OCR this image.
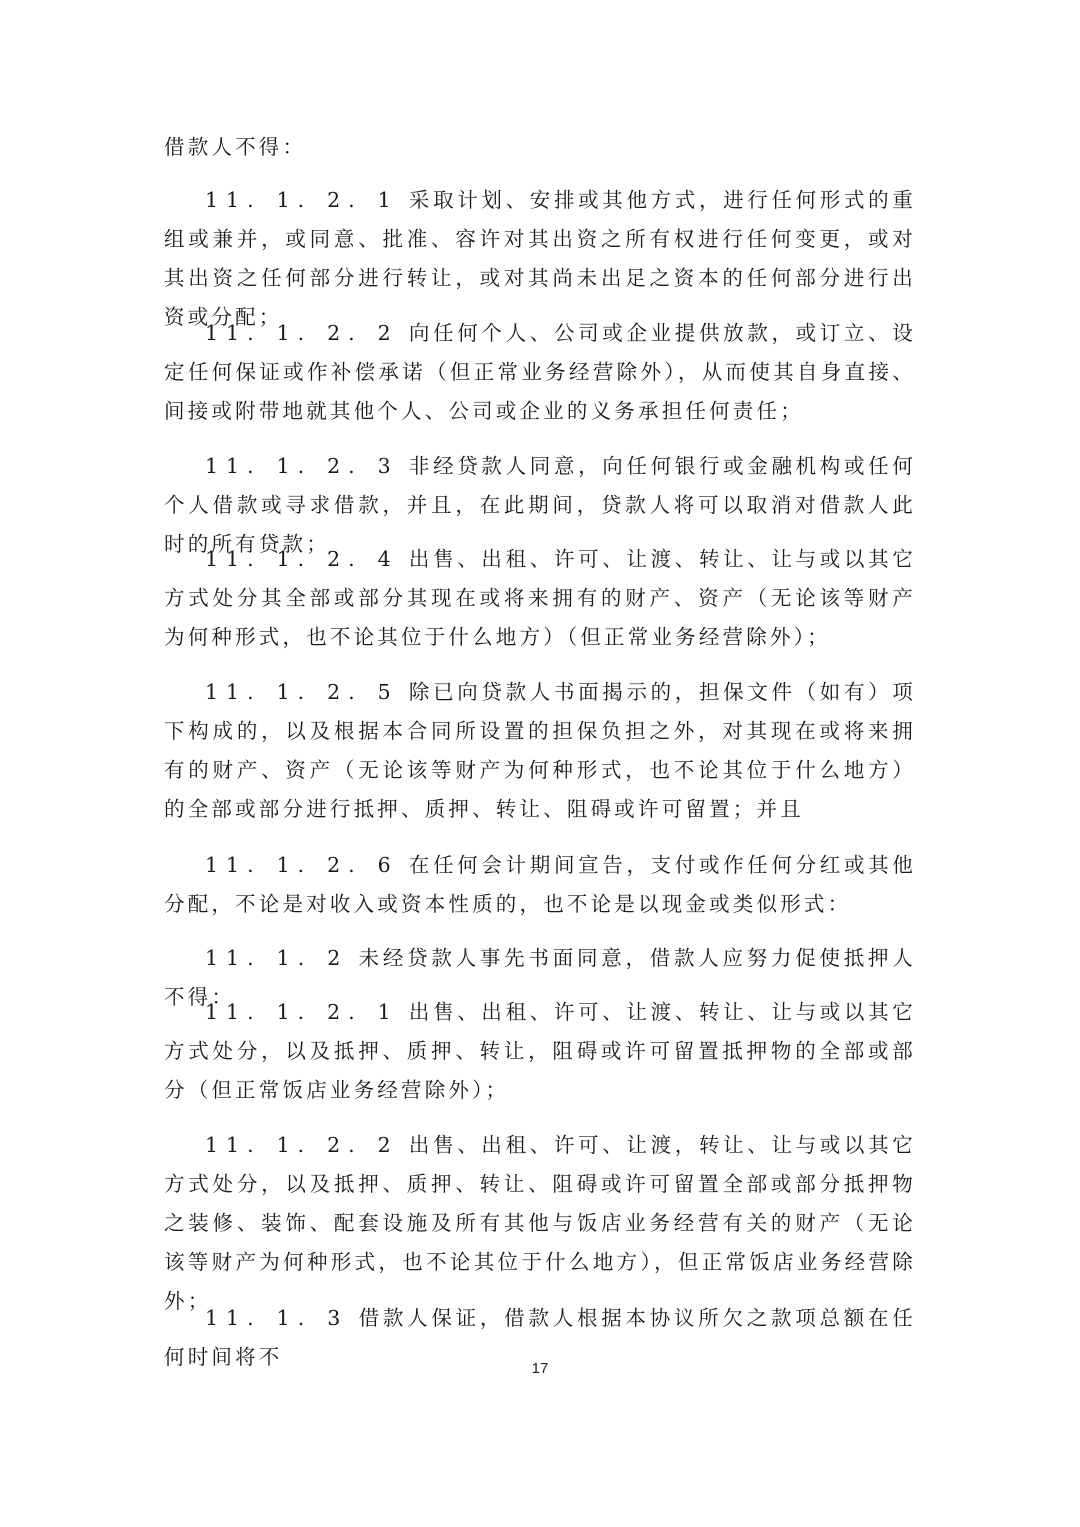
借款人不得：

11. 1. 2. 1 采取计划、安排或其他方式，进行任何形式的重组或兼并，或同意、批准、容许对其出资之所有权进行任何变更，或对其出资之任何部分进行转让，或对其尚未出足之资本的任何部分进行出资或分配；

11. 1. 2. 2 向任何个人、公司或企业提供放款，或订立、设定任何保证或作补偿承诺（但正常业务经营除外），从而使其自身直接、间接或附带地就其他个人、公司或企业的义务承担任何责任；

11. 1. 2. 3 非经贷款人同意，向任何银行或金融机构或任何个人借款或寻求借款，并且，在此期间，贷款人将可以取消对借款人此时的所有贷款；

11. 1. 2. 4 出售、出租、许可、让渡、转让、让与或以其它方式处分其全部或部分其现在或将来拥有的财产、资产（无论该等财产为何种形式，也不论其位于什么地方）（但正常业务经营除外）；

11. 1. 2. 5 除已向贷款人书面揭示的，担保文件（如有）项下构成的，以及根据本合同所设置的担保负担之外，对其现在或将来拥有的财产、资产（无论该等财产为何种形式，也不论其位于什么地方）的全部或部分进行抵押、质押、转让、阻碍或许可留置；并且

11. 1. 2. 6 在任何会计期间宣告，支付或作任何分红或其他分配，不论是对收入或资本性质的，也不论是以现金或类似形式：

11. 1. 2 未经贷款人事先书面同意，借款人应努力促使抵押人不得：

11. 1. 2. 1 出售、出租、许可、让渡、转让、让与或以其它方式处分，以及抵押、质押、转让，阻碍或许可留置抵押物的全部或部分（但正常饭店业务经营除外）；

11. 1. 2. 2 出售、出租、许可、让渡，转让、让与或以其它方式处分，以及抵押、质押、转让、阻碍或许可留置全部或部分抵押物之装修、装饰、配套设施及所有其他与饭店业务经营有关的财产（无论该等财产为何种形式，也不论其位于什么地方），但正常饭店业务经营除外；

11. 1. 3 借款人保证，借款人根据本协议所欠之款项总额在任何时间将不	17
